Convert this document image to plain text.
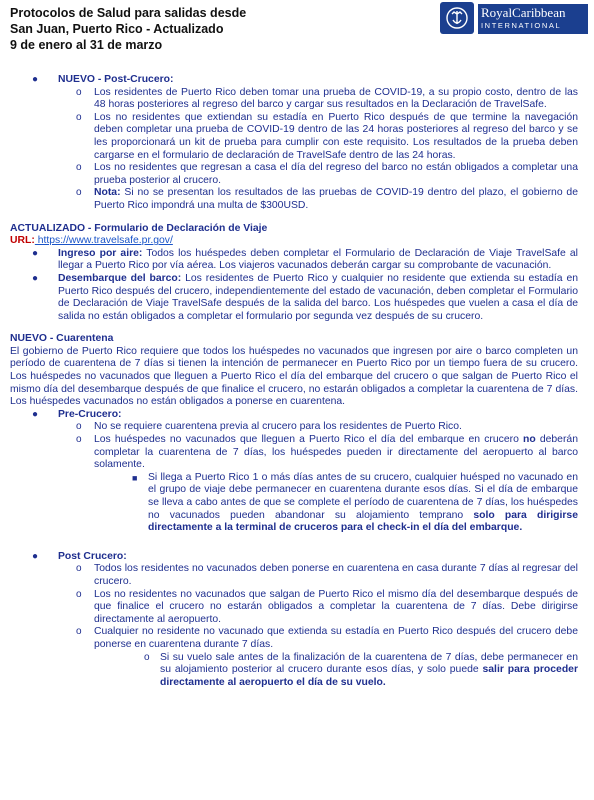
Protocolos de Salud para salidas desde
San Juan, Puerto Rico - Actualizado
9 de enero al 31 de marzo
RoyalCaribbean
INTERNATIONAL
● NUEVO - Post-Crucero:
o Los residentes de Puerto Rico deben tomar una prueba de COVID-19, a su propio costo, dentro de las 48 horas posteriores al regreso del barco y cargar sus resultados en la Declaración de TravelSafe.
o Los no residentes que extiendan su estadía en Puerto Rico después de que termine la navegación deben completar una prueba de COVID-19 dentro de las 24 horas posteriores al regreso del barco y se les proporcionará un kit de prueba para cumplir con este requisito. Los resultados de la prueba deben cargarse en el formulario de declaración de TravelSafe dentro de las 24 horas.
o Los no residentes que regresan a casa el día del regreso del barco no están obligados a completar una prueba posterior al crucero.
o Nota: Si no se presentan los resultados de las pruebas de COVID-19 dentro del plazo, el gobierno de Puerto Rico impondrá una multa de $300USD.
ACTUALIZADO - Formulario de Declaración de Viaje
URL: https://www.travelsafe.pr.gov/
● Ingreso por aire: Todos los huéspedes deben completar el Formulario de Declaración de Viaje TravelSafe al llegar a Puerto Rico por vía aérea. Los viajeros vacunados deberán cargar su comprobante de vacunación.
● Desembarque del barco: Los residentes de Puerto Rico y cualquier no residente que extienda su estadía en Puerto Rico después del crucero, independientemente del estado de vacunación, deben completar el Formulario de Declaración de Viaje TravelSafe después de la salida del barco. Los huéspedes que vuelen a casa el día de salida no están obligados a completar el formulario por segunda vez después de su crucero.
NUEVO - Cuarentena
El gobierno de Puerto Rico requiere que todos los huéspedes no vacunados que ingresen por aire o barco completen un período de cuarentena de 7 días si tienen la intención de permanecer en Puerto Rico por un tiempo fuera de su crucero. Los huéspedes no vacunados que lleguen a Puerto Rico el día del embarque del crucero o que salgan de Puerto Rico el mismo día del desembarque después de que finalice el crucero, no estarán obligados a completar la cuarentena de 7 días. Los huéspedes vacunados no están obligados a ponerse en cuarentena.
● Pre-Crucero:
o No se requiere cuarentena previa al crucero para los residentes de Puerto Rico.
o Los huéspedes no vacunados que lleguen a Puerto Rico el día del embarque en crucero no deberán completar la cuarentena de 7 días, los huéspedes pueden ir directamente del aeropuerto al barco solamente.
■ Si llega a Puerto Rico 1 o más días antes de su crucero, cualquier huésped no vacunado en el grupo de viaje debe permanecer en cuarentena durante esos días. Si el día de embarque se lleva a cabo antes de que se complete el período de cuarentena de 7 días, los huéspedes no vacunados pueden abandonar su alojamiento temprano solo para dirigirse directamente a la terminal de cruceros para el check-in el día del embarque.
● Post Crucero:
o Todos los residentes no vacunados deben ponerse en cuarentena en casa durante 7 días al regresar del crucero.
o Los no residentes no vacunados que salgan de Puerto Rico el mismo día del desembarque después de que finalice el crucero no estarán obligados a completar la cuarentena de 7 días. Debe dirigirse directamente al aeropuerto.
o Cualquier no residente no vacunado que extienda su estadía en Puerto Rico después del crucero debe ponerse en cuarentena durante 7 días.
o Si su vuelo sale antes de la finalización de la cuarentena de 7 días, debe permanecer en su alojamiento posterior al crucero durante esos días, y solo puede salir para proceder directamente al aeropuerto el día de su vuelo.
